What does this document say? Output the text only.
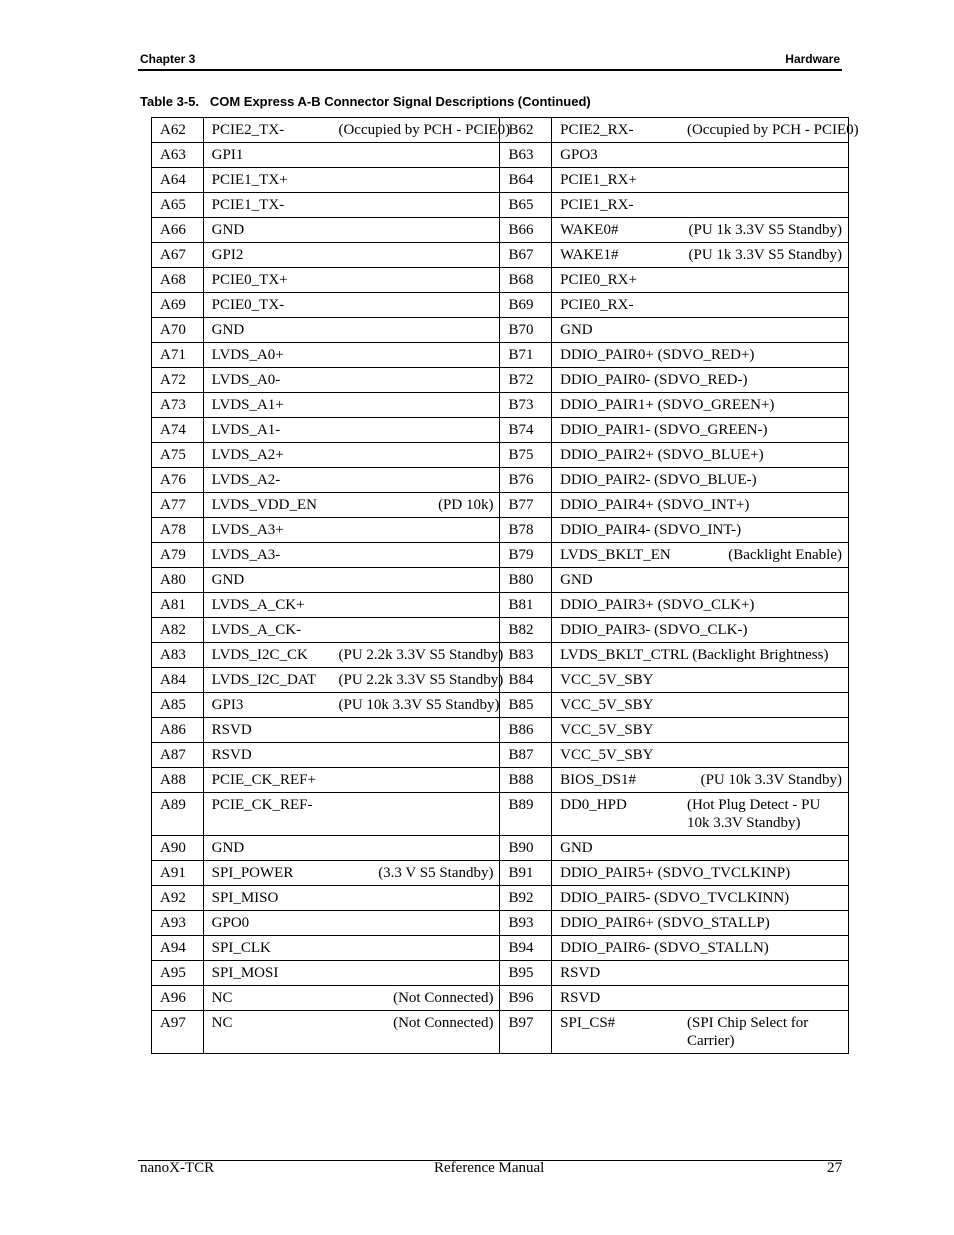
Chapter 3	Hardware
Table 3-5.   COM Express A-B Connector Signal Descriptions (Continued)
A62	PCIE2_TX- (Occupied by PCH - PCIE0)	B62	PCIE2_RX- (Occupied by PCH - PCIE0)

A63	GPI1	B63	GPO3

A64	PCIE1_TX+	B64	PCIE1_RX+

A65	PCIE1_TX-	B65	PCIE1_RX-

A66	GND	B66	WAKE0# (PU 1k 3.3V S5 Standby)

A67	GPI2	B67	WAKE1# (PU 1k 3.3V S5 Standby)

A68	PCIE0_TX+	B68	PCIE0_RX+

A69	PCIE0_TX-	B69	PCIE0_RX-

A70	GND	B70	GND

A71	LVDS_A0+	B71	DDIO_PAIR0+ (SDVO_RED+)

A72	LVDS_A0-	B72	DDIO_PAIR0- (SDVO_RED-)

A73	LVDS_A1+	B73	DDIO_PAIR1+ (SDVO_GREEN+)

A74	LVDS_A1-	B74	DDIO_PAIR1- (SDVO_GREEN-)

A75	LVDS_A2+	B75	DDIO_PAIR2+ (SDVO_BLUE+)

A76	LVDS_A2-	B76	DDIO_PAIR2- (SDVO_BLUE-)

A77	LVDS_VDD_EN (PD 10k)	B77	DDIO_PAIR4+ (SDVO_INT+)

A78	LVDS_A3+	B78	DDIO_PAIR4- (SDVO_INT-)

A79	LVDS_A3-	B79	LVDS_BKLT_EN (Backlight Enable)

A80	GND	B80	GND

A81	LVDS_A_CK+	B81	DDIO_PAIR3+ (SDVO_CLK+)

A82	LVDS_A_CK-	B82	DDIO_PAIR3- (SDVO_CLK-)

A83	LVDS_I2C_CK (PU 2.2k 3.3V S5 Standby)	B83	LVDS_BKLT_CTRL (Backlight Brightness)

A84	LVDS_I2C_DAT (PU 2.2k 3.3V S5 Standby)	B84	VCC_5V_SBY

A85	GPI3 (PU 10k 3.3V S5 Standby)	B85	VCC_5V_SBY

A86	RSVD	B86	VCC_5V_SBY

A87	RSVD	B87	VCC_5V_SBY

A88	PCIE_CK_REF+	B88	BIOS_DS1# (PU 10k 3.3V Standby)

A89	PCIE_CK_REF-	B89	DD0_HPD (Hot Plug Detect - PU 10k 3.3V Standby)

A90	GND	B90	GND

A91	SPI_POWER (3.3 V S5 Standby)	B91	DDIO_PAIR5+ (SDVO_TVCLKINP)

A92	SPI_MISO	B92	DDIO_PAIR5- (SDVO_TVCLKINN)

A93	GPO0	B93	DDIO_PAIR6+ (SDVO_STALLP)

A94	SPI_CLK	B94	DDIO_PAIR6- (SDVO_STALLN)

A95	SPI_MOSI	B95	RSVD

A96	NC (Not Connected)	B96	RSVD

A97	NC (Not Connected)	B97	SPI_CS# (SPI Chip Select for Carrier)
nanoX-TCR	Reference Manual	27
